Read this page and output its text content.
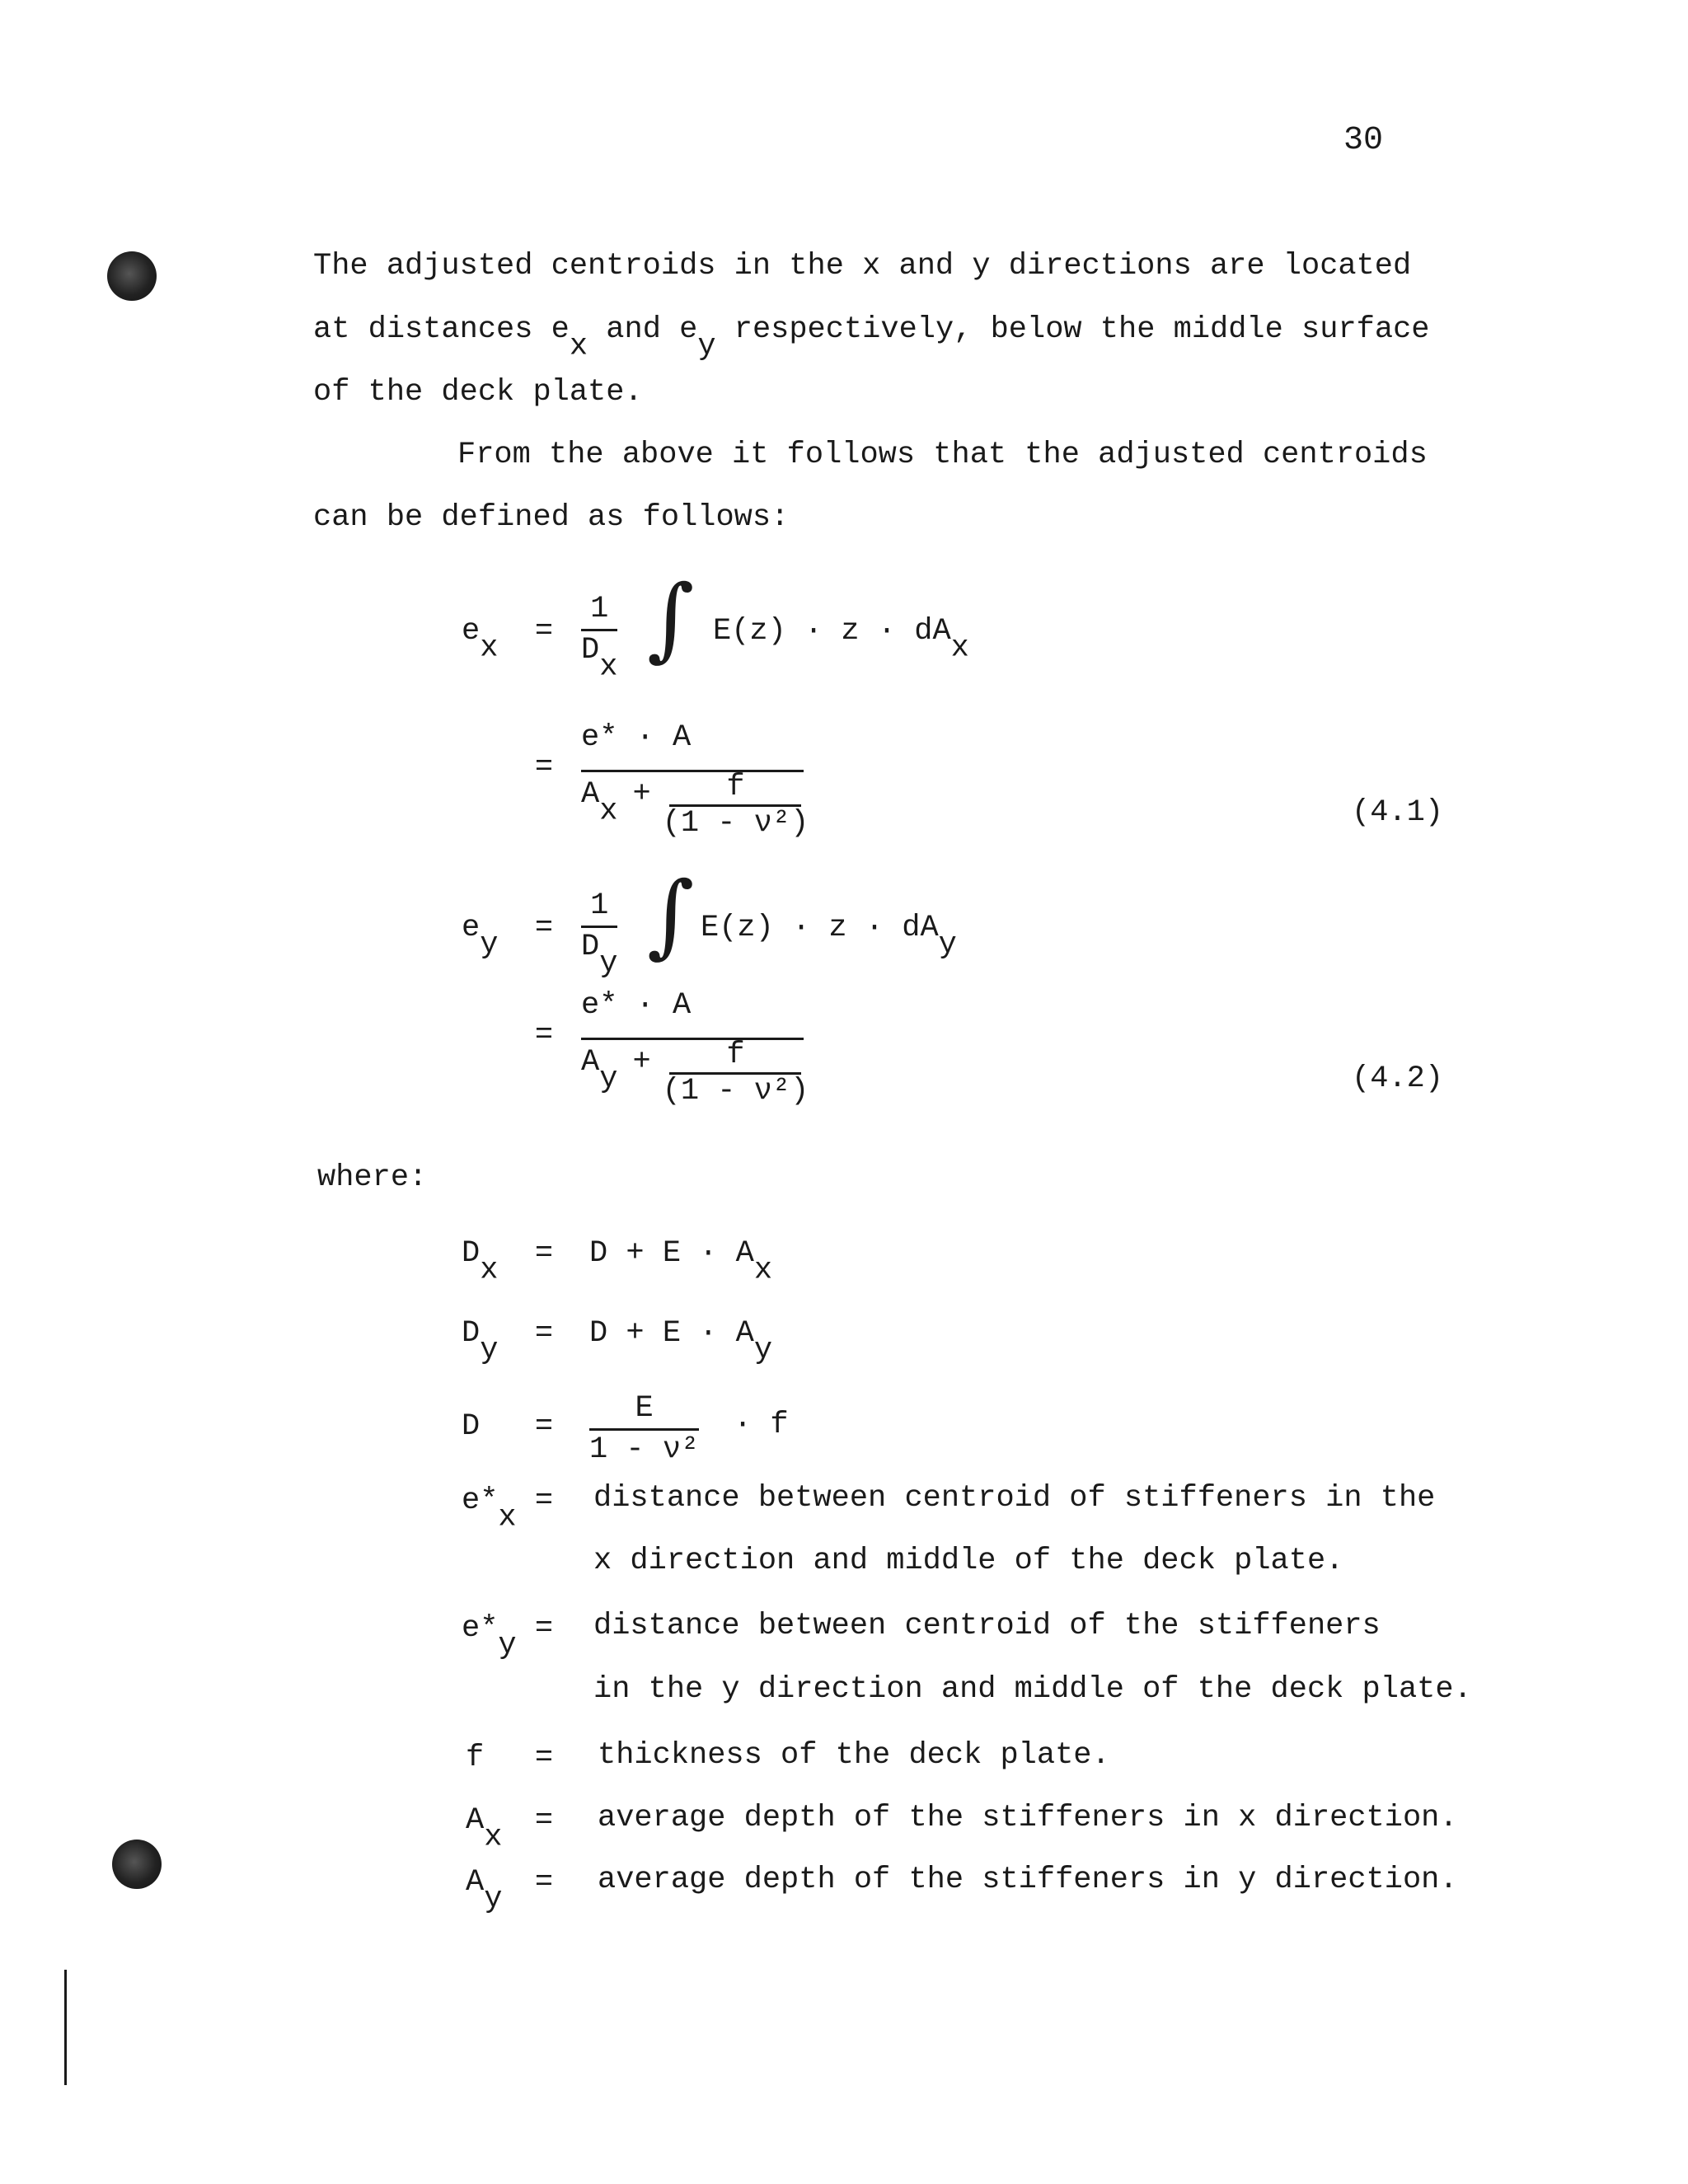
30
The adjusted centroids in the x and y directions are located
at distances $e_x$ and $e_y$ respectively, below the middle surface
of the deck plate.
From the above it follows that the adjusted centroids
can be defined as follows:
$e_x = \frac{1}{D_x}$ ∫ $E(z) \cdot z \cdot dA_x$
=
e* · A
$A_x + f$
(1 - ν²)	(4.1)
$e_y = \frac{1}{D_y}$ ∫ $E(z) \cdot z \cdot dA_y$
=
e* · A
$A_y + f$
(1 - ν²)	(4.2)
where:
$D_x = D + E \cdot A_x$
$D_y = D + E \cdot A_y$
$D = \frac{E}{\text{1 - ν²}} \cdot f$
$e*_x$ = distance between centroid of stiffeners in the
x direction and middle of the deck plate.
$e*_y$ = distance between centroid of the stiffeners
in the y direction and middle of the deck plate.
f = thickness of the deck plate.
$A_x$ = average depth of the stiffeners in x direction.
$A_y$ = average depth of the stiffeners in y direction.
